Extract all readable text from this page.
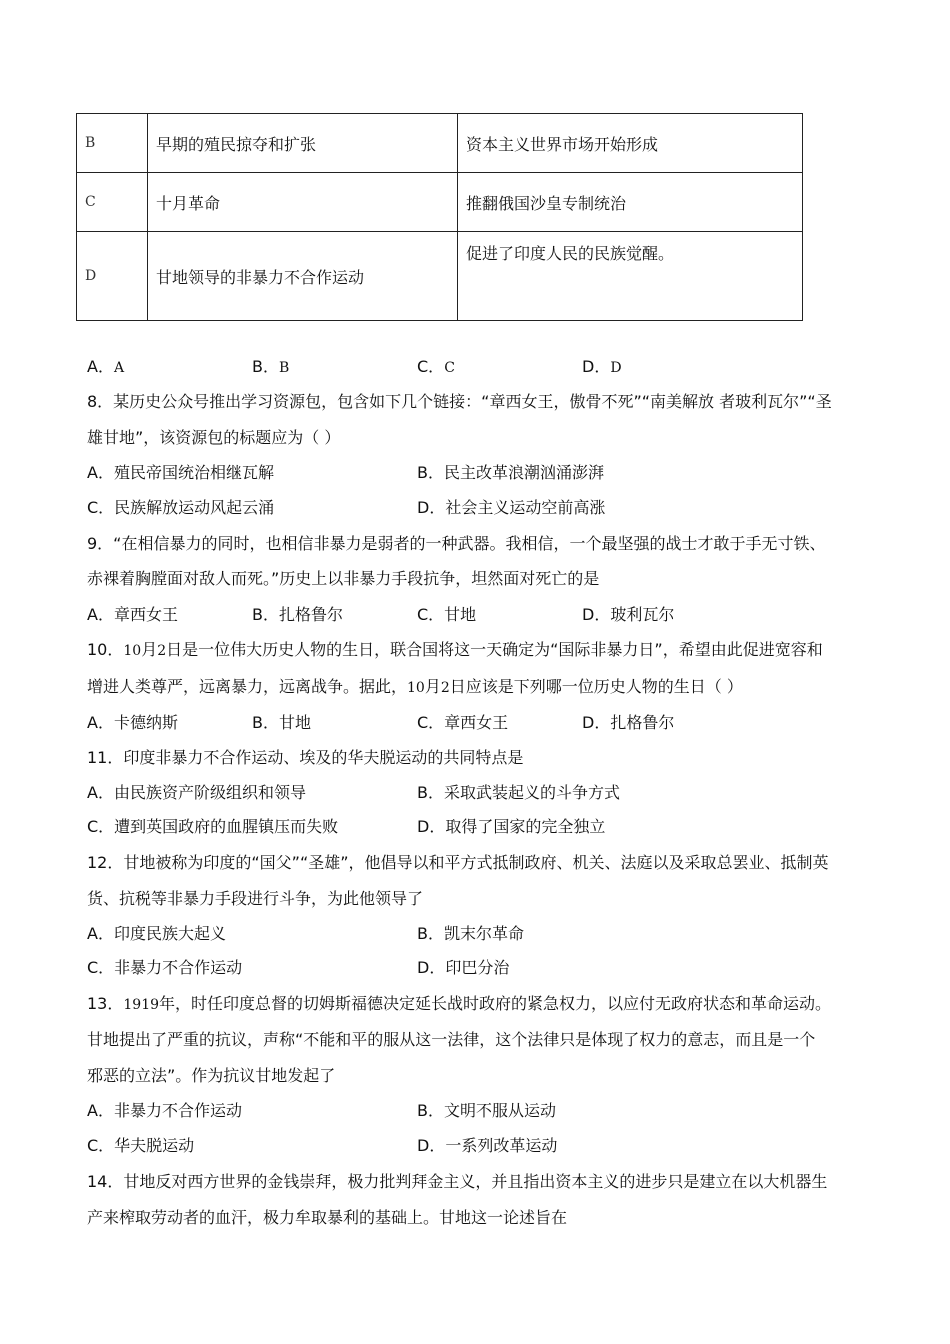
B	早期的殖民掠夺和扩张	资本主义世界市场开始形成
C	十月革命	推翻俄国沙皇专制统治
D	甘地领导的非暴力不合作运动	促进了印度人民的民族觉醒。
A．A	B．B	C．C	D．D
8．某历史公众号推出学习资源包，包含如下几个链接：“章西女王，傲骨不死”“南美解放 者玻利瓦尔”“圣
雄甘地”，该资源包的标题应为（ ）
A．殖民帝国统治相继瓦解	B．民主改革浪潮汹涌澎湃
C．民族解放运动风起云涌	D．社会主义运动空前高涨
9．“在相信暴力的同时，也相信非暴力是弱者的一种武器。我相信，一个最坚强的战士才敢于手无寸铁、
赤裸着胸膛面对敌人而死。”历史上以非暴力手段抗争，坦然面对死亡的是
A．章西女王	B．扎格鲁尔	C．甘地	D．玻利瓦尔
10．10月2日是一位伟大历史人物的生日，联合国将这一天确定为“国际非暴力日”，希望由此促进宽容和
增进人类尊严，远离暴力，远离战争。据此，10月2日应该是下列哪一位历史人物的生日（ ）
A．卡德纳斯	B．甘地	C．章西女王	D．扎格鲁尔
11．印度非暴力不合作运动、埃及的华夫脱运动的共同特点是
A．由民族资产阶级组织和领导	B．采取武装起义的斗争方式
C．遭到英国政府的血腥镇压而失败	D．取得了国家的完全独立
12．甘地被称为印度的“国父”“圣雄”，他倡导以和平方式抵制政府、机关、法庭以及采取总罢业、抵制英
货、抗税等非暴力手段进行斗争，为此他领导了
A．印度民族大起义	B．凯末尔革命
C．非暴力不合作运动	D．印巴分治
13．1919年，时任印度总督的切姆斯福德决定延长战时政府的紧急权力，以应付无政府状态和革命运动。
甘地提出了严重的抗议，声称“不能和平的服从这一法律，这个法律只是体现了权力的意志，而且是一个
邪恶的立法”。作为抗议甘地发起了
A．非暴力不合作运动	B．文明不服从运动
C．华夫脱运动	D．一系列改革运动
14．甘地反对西方世界的金钱崇拜，极力批判拜金主义，并且指出资本主义的进步只是建立在以大机器生
产来榨取劳动者的血汗，极力牟取暴利的基础上。甘地这一论述旨在
